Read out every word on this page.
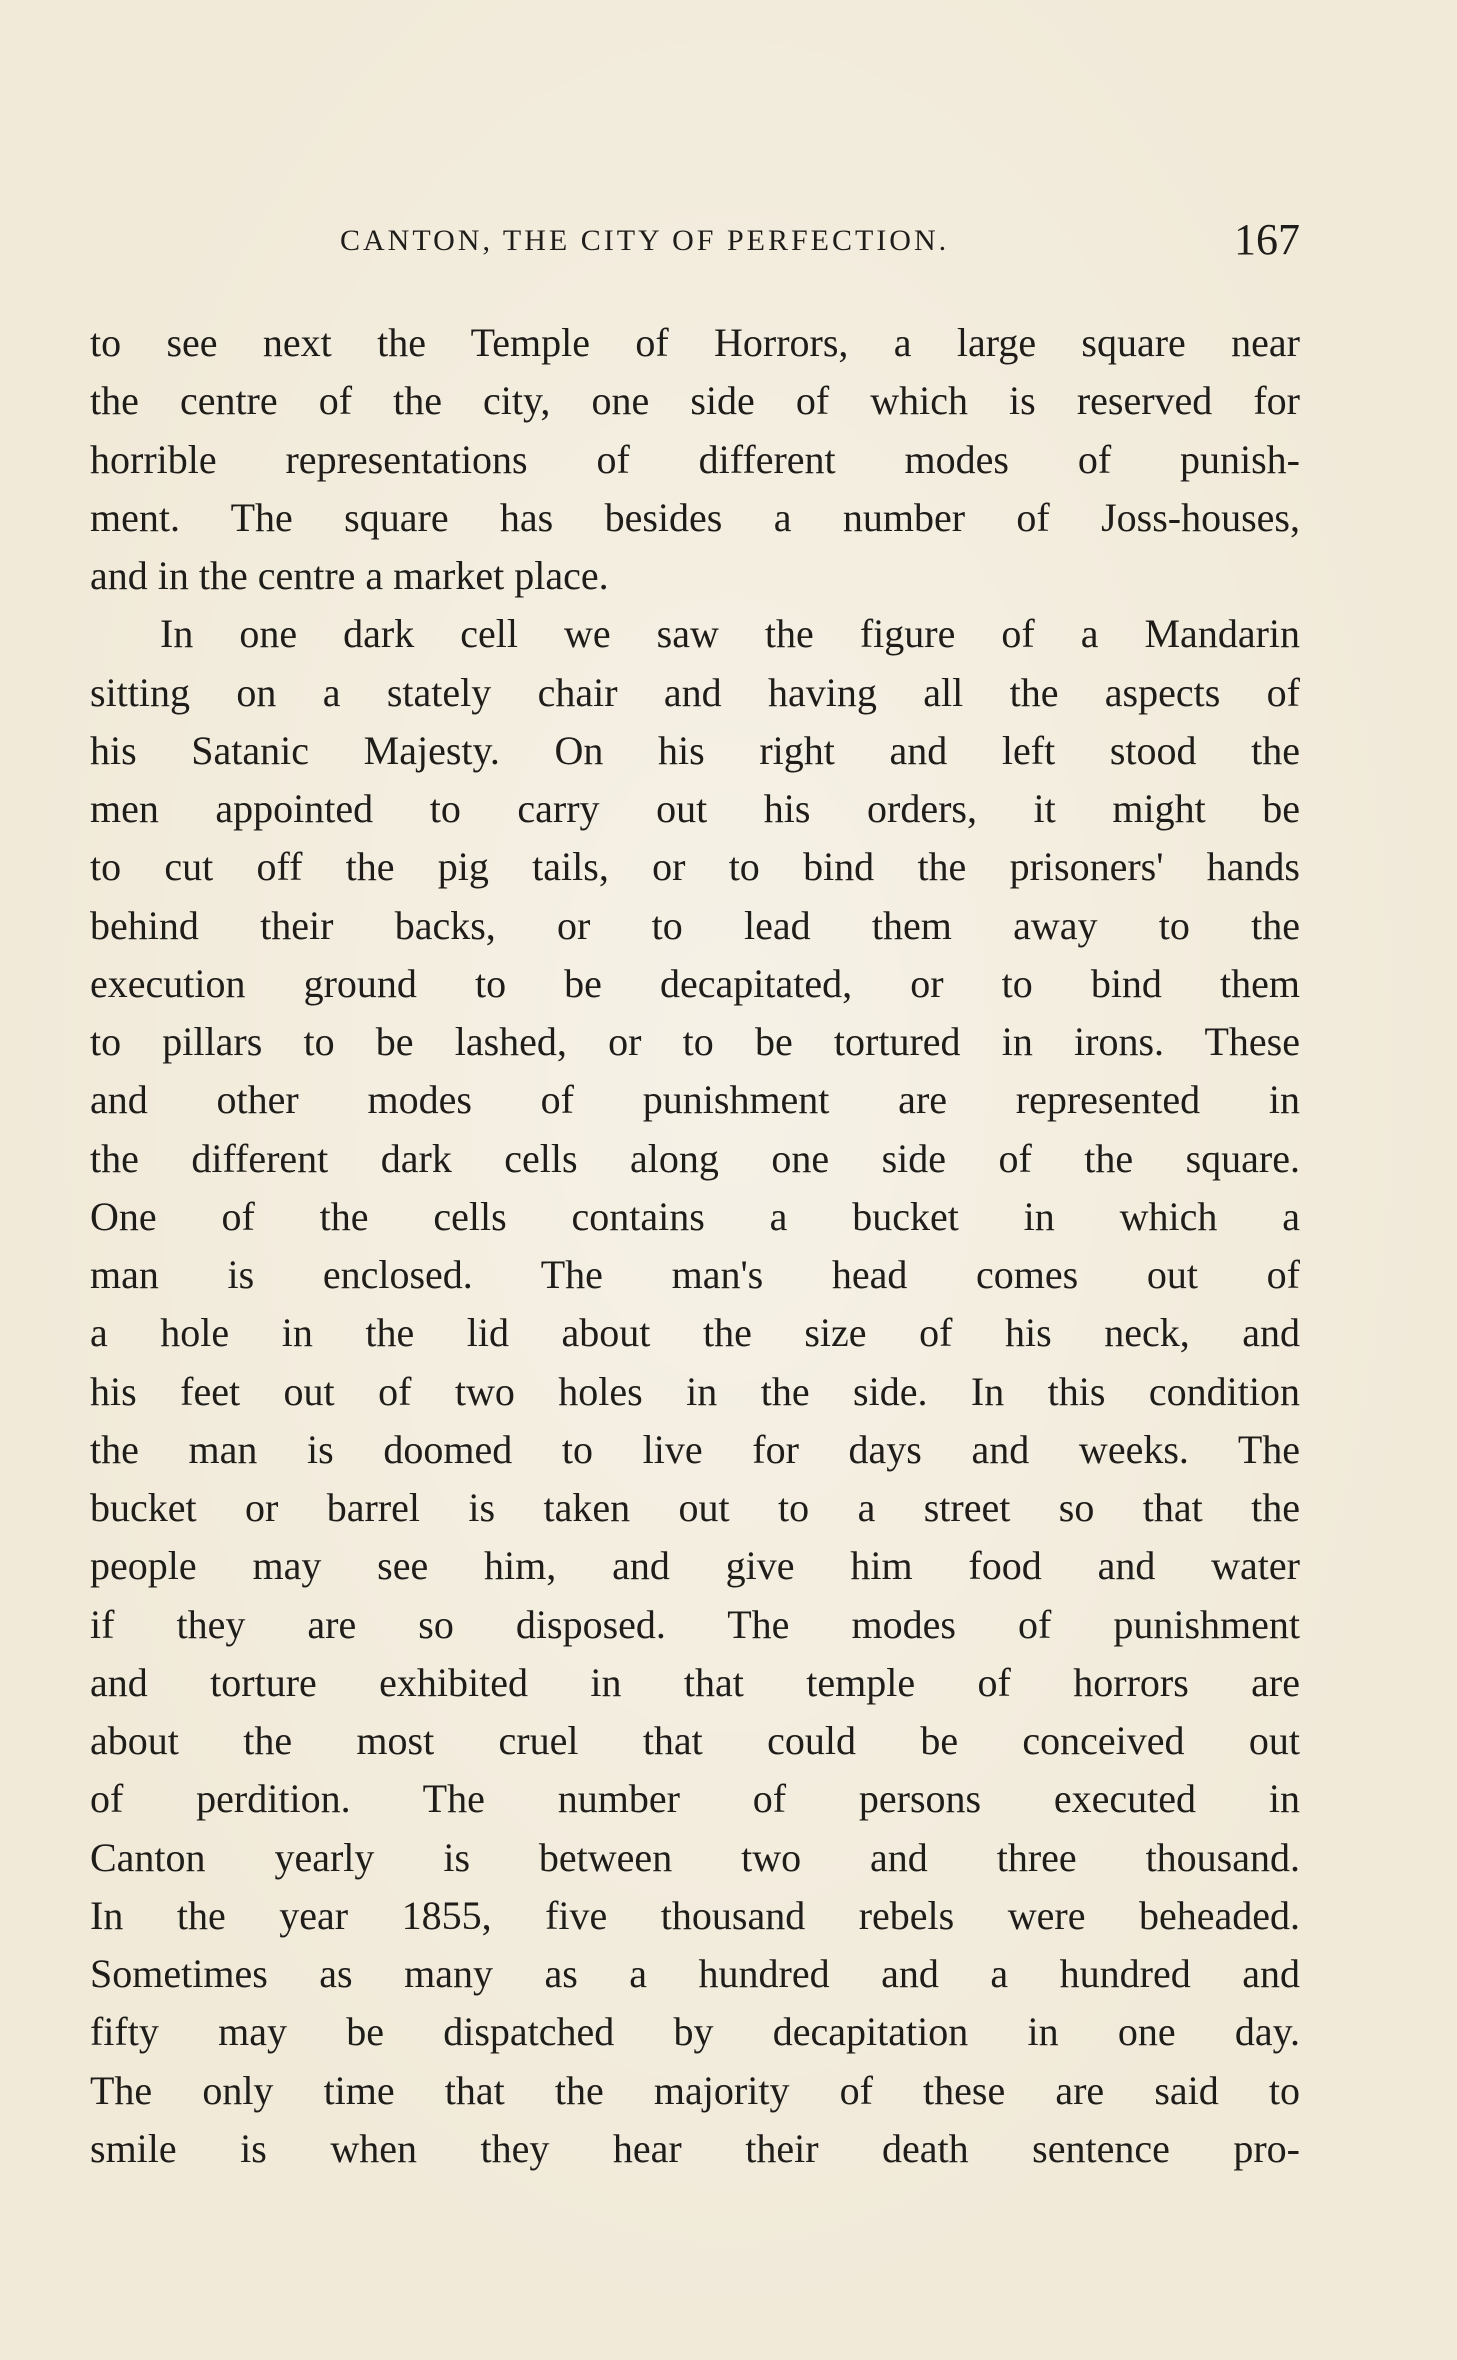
CANTON, THE CITY OF PERFECTION.	167
to see next the Temple of Horrors, a large square near
the centre of the city, one side of which is reserved for
horrible representations of different modes of punish-
ment. The square has besides a number of Joss-houses,
and in the centre a market place.
In one dark cell we saw the figure of a Mandarin
sitting on a stately chair and having all the aspects of
his Satanic Majesty. On his right and left stood the
men appointed to carry out his orders, it might be
to cut off the pig tails, or to bind the prisoners' hands
behind their backs, or to lead them away to the
execution ground to be decapitated, or to bind them
to pillars to be lashed, or to be tortured in irons. These
and other modes of punishment are represented in
the different dark cells along one side of the square.
One of the cells contains a bucket in which a
man is enclosed. The man's head comes out of
a hole in the lid about the size of his neck, and
his feet out of two holes in the side. In this condition
the man is doomed to live for days and weeks. The
bucket or barrel is taken out to a street so that the
people may see him, and give him food and water
if they are so disposed. The modes of punishment
and torture exhibited in that temple of horrors are
about the most cruel that could be conceived out
of perdition. The number of persons executed in
Canton yearly is between two and three thousand.
In the year 1855, five thousand rebels were beheaded.
Sometimes as many as a hundred and a hundred and
fifty may be dispatched by decapitation in one day.
The only time that the majority of these are said to
smile is when they hear their death sentence pro-
